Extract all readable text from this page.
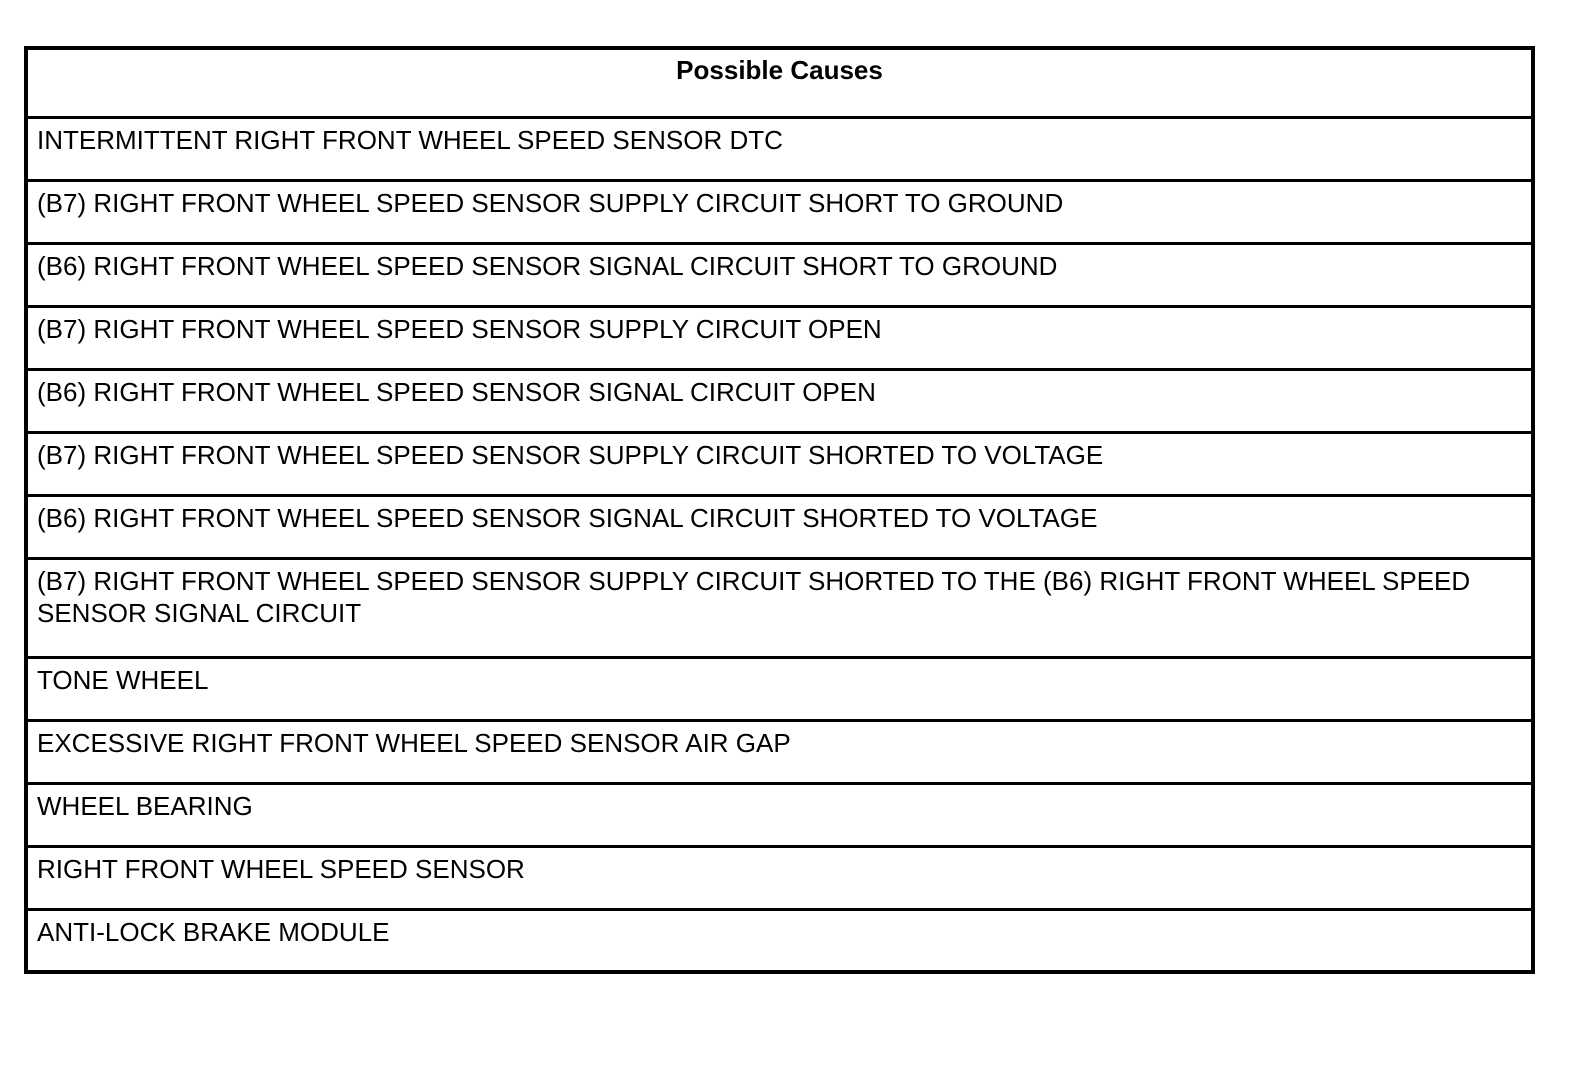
Possible Causes
INTERMITTENT RIGHT FRONT WHEEL SPEED SENSOR DTC
(B7) RIGHT FRONT WHEEL SPEED SENSOR SUPPLY CIRCUIT SHORT TO GROUND
(B6) RIGHT FRONT WHEEL SPEED SENSOR SIGNAL CIRCUIT SHORT TO GROUND
(B7) RIGHT FRONT WHEEL SPEED SENSOR SUPPLY CIRCUIT OPEN
(B6) RIGHT FRONT WHEEL SPEED SENSOR SIGNAL CIRCUIT OPEN
(B7) RIGHT FRONT WHEEL SPEED SENSOR SUPPLY CIRCUIT SHORTED TO VOLTAGE
(B6) RIGHT FRONT WHEEL SPEED SENSOR SIGNAL CIRCUIT SHORTED TO VOLTAGE
(B7) RIGHT FRONT WHEEL SPEED SENSOR SUPPLY CIRCUIT SHORTED TO THE (B6) RIGHT FRONT WHEEL SPEED SENSOR SIGNAL CIRCUIT
TONE WHEEL
EXCESSIVE RIGHT FRONT WHEEL SPEED SENSOR AIR GAP
WHEEL BEARING
RIGHT FRONT WHEEL SPEED SENSOR
ANTI-LOCK BRAKE MODULE
